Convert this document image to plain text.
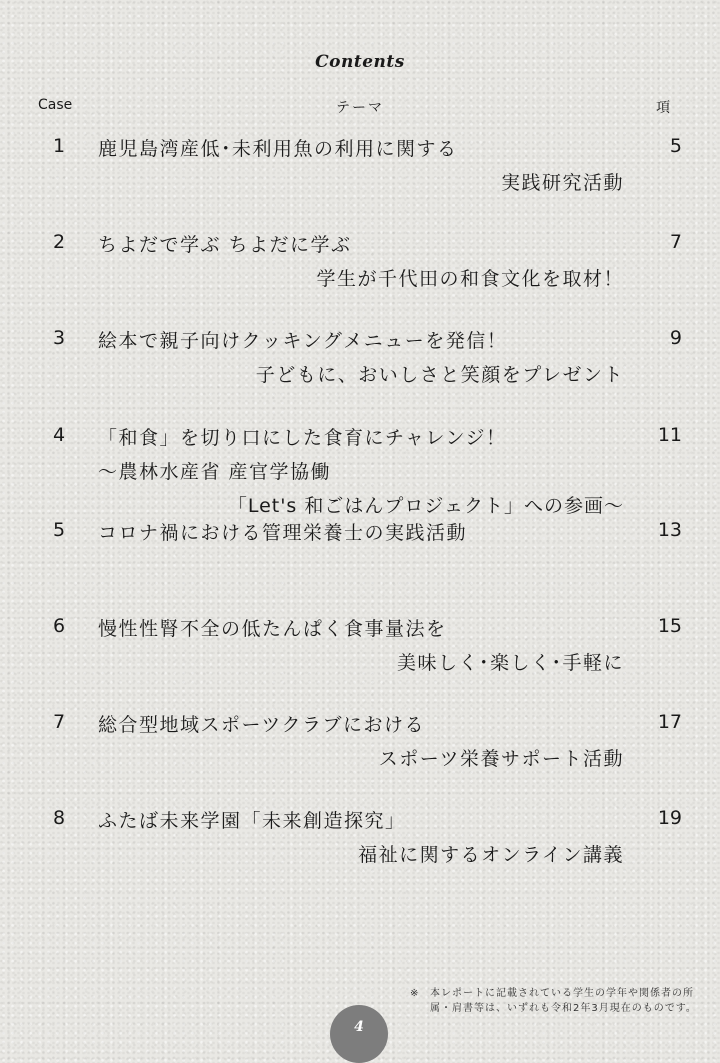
Contents
Case	テーマ	項
1	鹿児島湾産低･未利用魚の利用に関する	5
実践研究活動
2	ちよだで学ぶ ちよだに学ぶ	7
学生が千代田の和食文化を取材！
3	絵本で親子向けクッキングメニューを発信！	9
子どもに、おいしさと笑顔をプレゼント
4	「和食」を切り口にした食育にチャレンジ！	11
～農林水産省 産官学協働
「Let's 和ごはんプロジェクト」への参画～
5	コロナ禍における管理栄養士の実践活動	13
6	慢性性腎不全の低たんぱく食事量法を	15
美味しく･楽しく･手軽に
7	総合型地域スポーツクラブにおける	17
スポーツ栄養サポート活動
8	ふたば未来学園「未来創造探究」	19
福祉に関するオンライン講義
※ 本レポートに記載されている学生の学年や関係者の所属・肩書等は、いずれも令和2年3月現在のものです。
4
